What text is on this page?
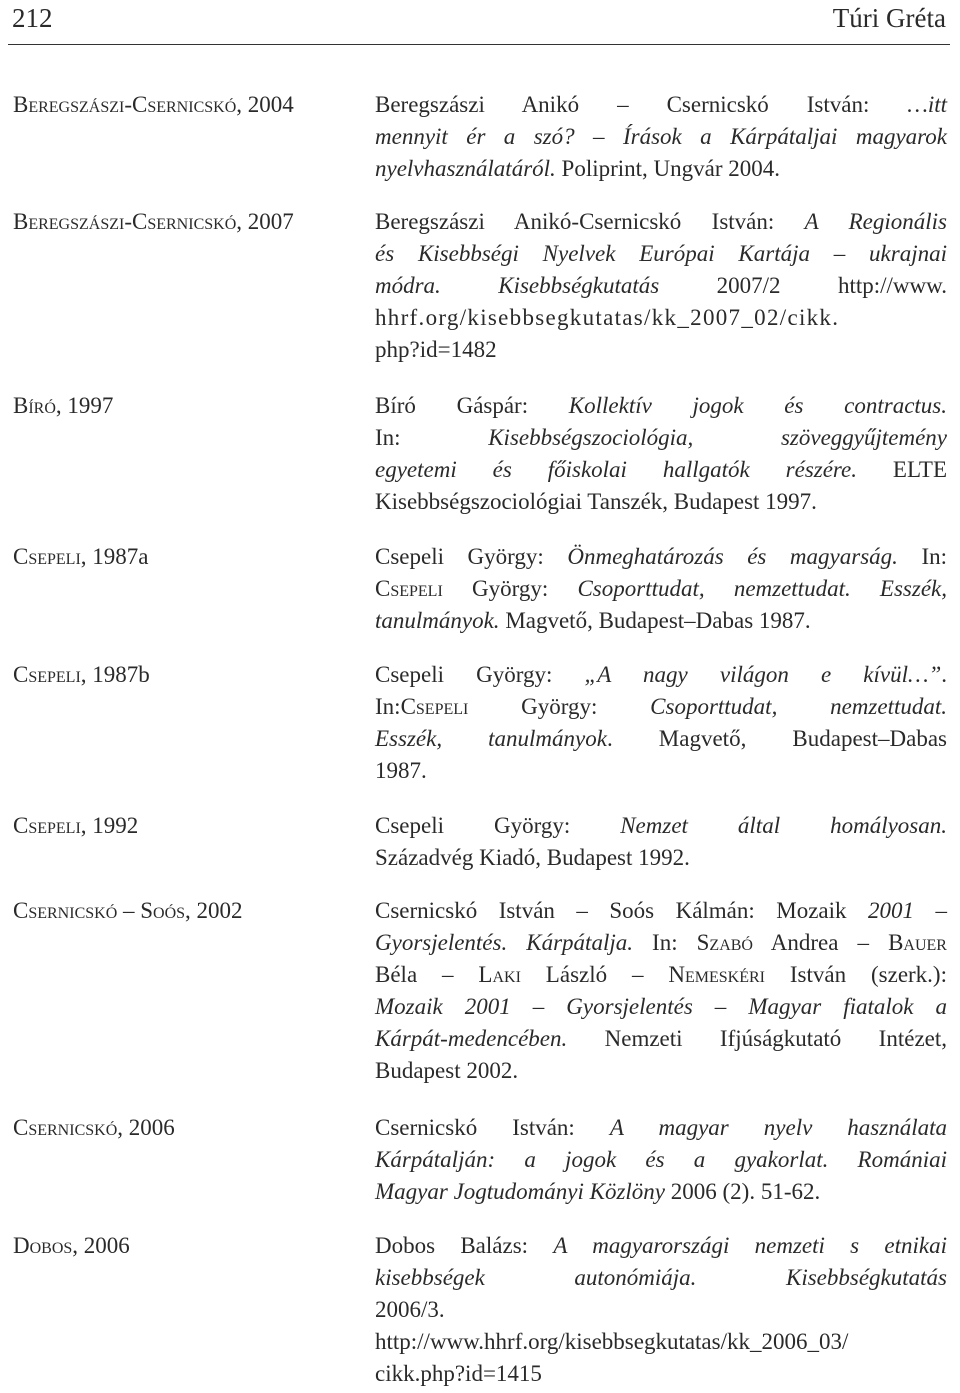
212	Túri Gréta
Beregszászi-Csernicskó, 2004	Beregszászi Anikó – Csernicskó István: …itt
mennyit ér a szó? – Írások a Kárpátaljai magyarok
nyelvhasználatáról. Poliprint, Ungvár 2004.
Beregszászi-Csernicskó, 2007	Beregszászi Anikó-Csernicskó István: A Regionális
és Kisebbségi Nyelvek Európai Kartája – ukrajnai
módra. Kisebbségkutatás 2007/2 http://www.
hhrf.org/kisebbsegkutatas/kk_2007_02/cikk.
php?id=1482
Bíró, 1997	Bíró Gáspár: Kollektív jogok és contractus.
In: Kisebbségszociológia, szöveggyűjtemény
egyetemi és főiskolai hallgatók részére. ELTE
Kisebbségszociológiai Tanszék, Budapest 1997.
Csepeli, 1987a	Csepeli György: Önmeghatározás és magyarság. In:
Csepeli György: Csoporttudat, nemzettudat. Esszék,
tanulmányok. Magvető, Budapest–Dabas 1987.
Csepeli, 1987b	Csepeli György: „A nagy világon e kívül…”.
In:Csepeli György: Csoporttudat, nemzettudat.
Esszék, tanulmányok. Magvető, Budapest–Dabas
1987.
Csepeli, 1992	Csepeli György: Nemzet által homályosan.
Századvég Kiadó, Budapest 1992.
Csernicskó – Soós, 2002	Csernicskó István – Soós Kálmán: Mozaik 2001 –
Gyorsjelentés. Kárpátalja. In: Szabó Andrea – Bauer
Béla – Laki László – Nemeskéri István (szerk.):
Mozaik 2001 – Gyorsjelentés – Magyar fiatalok a
Kárpát-medencében. Nemzeti Ifjúságkutató Intézet,
Budapest 2002.
Csernicskó, 2006	Csernicskó István: A magyar nyelv használata
Kárpátalján: a jogok és a gyakorlat. Romániai
Magyar Jogtudományi Közlöny 2006 (2). 51-62.
Dobos, 2006	Dobos Balázs: A magyarországi nemzeti s etnikai
kisebbségek autonómiája. Kisebbségkutatás
2006/3.
http://www.hhrf.org/kisebbsegkutatas/kk_2006_03/
cikk.php?id=1415
